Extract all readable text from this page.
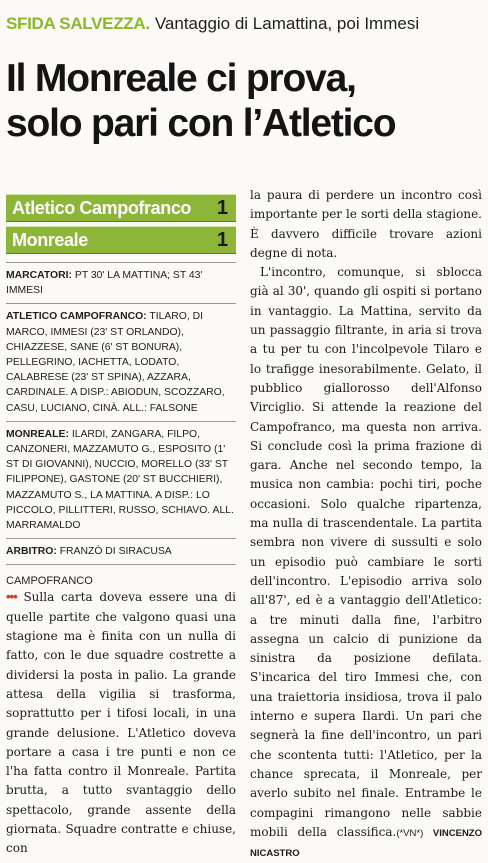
SFIDA SALVEZZA. Vantaggio di Lamattina, poi Immesi
Il Monreale ci prova,
solo pari con l’Atletico
Atletico Campofranco 1
Monreale	1
MARCATORI: PT 30' LA MATTINA; ST 43' IMMESI
ATLETICO CAMPOFRANCO: TILARO, DI MARCO, IMMESI (23' ST ORLANDO), CHIAZZESE, SANE (6' ST BONURA), PELLEGRINO, IACHETTA, LODATO, CALABRESE (23' ST SPINA), AZZARA, CARDINALE. A DISP.: ABIODUN, SCOZZARO, CASU, LUCIANO, CINÀ. ALL.: FALSONE
MONREALE: ILARDI, ZANGARA, FILPO, CANZONERI, MAZZAMUTO G., ESPOSITO (1' ST DI GIOVANNI), NUCCIO, MORELLO (33' ST FILIPPONE), GASTONE (20' ST BUCCHIERI), MAZZAMUTO S., LA MATTINA. A DISP.: LO PICCOLO, PILLITTERI, RUSSO, SCHIAVO. ALL. MARRAMALDO
ARBITRO: FRANZÒ DI SIRACUSA
CAMPOFRANCO

••• Sulla carta doveva essere una di quelle partite che valgono quasi una stagione ma è finita con un nulla di fatto, con le due squadre costrette a dividersi la posta in palio. La grande attesa della vigilia si trasforma, soprattutto per i tifosi locali, in una grande delusione. L'Atletico doveva portare a casa i tre punti e non ce l'ha fatta contro il Monreale. Partita brutta, a tutto svantaggio dello spettacolo, grande assente della giornata. Squadre contratte e chiuse, con

la paura di perdere un incontro così importante per le sorti della stagione. È davvero difficile trovare azioni degne di nota.

L'incontro, comunque, si sblocca già al 30', quando gli ospiti si portano in vantaggio. La Mattina, servito da un passaggio filtrante, in aria si trova a tu per tu con l'incolpevole Tilaro e lo trafigge inesorabilmente. Gelato, il pubblico giallorosso dell'Alfonso Virciglio. Si attende la reazione del Campofranco, ma questa non arriva. Si conclude così la prima frazione di gara. Anche nel secondo tempo, la musica non cambia: pochi tiri, poche occasioni. Solo qualche ripartenza, ma nulla di trascendentale. La partita sembra non vivere di sussulti e solo un episodio può cambiare le sorti dell'incontro. L'episodio arriva solo all'87', ed è a vantaggio dell'Atletico: a tre minuti dalla fine, l'arbitro assegna un calcio di punizione da sinistra da posizione defilata. S'incarica del tiro Immesi che, con una traiettoria insidiosa, trova il palo interno e supera Ilardi. Un pari che segnerà la fine dell'incontro, un pari che scontenta tutti: l'Atletico, per la chance sprecata, il Monreale, per averlo subito nel finale. Entrambe le compagini rimangono nelle sabbie mobili della classifica.(*VN*) VINCENZO NICASTRO
